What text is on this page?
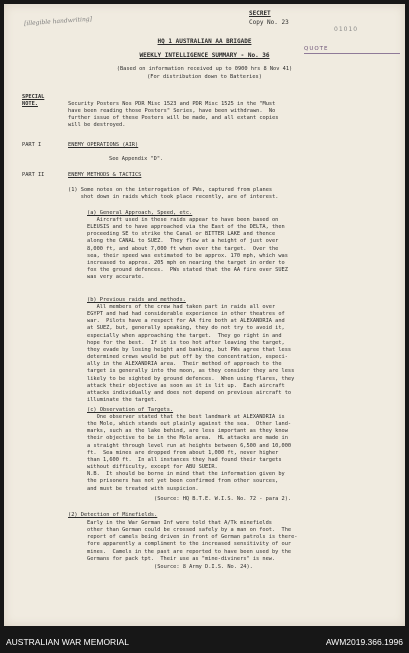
[illegible handwriting]
SECRET
Copy No. 23
01010
QUOTE
HQ 1 AUSTRALIAN AA BRIGADE
WEEKLY INTELLIGENCE SUMMARY - No. 36
(Based on information received up to 0900 hrs 8 Nov 41)
(For distribution down to Batteries)
SPECIAL
NOTE.	Security Posters Nos PDR Misc 1523 and PDR Misc 1525 in the "Must

have been reading those Posters" Series, have been withdrawn.  No

further issue of these Posters will be made, and all extant copies

will be destroyed.

PART I	ENEMY OPERATIONS (AIR)
See Appendix "D".
PART II	ENEMY METHODS & TACTICS

(1) Some notes on the interrogation of PWs, captured from planes

shot down in raids which took place recently, are of interest.

(a) General Approach, Speed, etc.

Aircraft used in these raids appear to have been based on

ELEUSIS and to have approached via the East of the DELTA, then

proceeding SE to strike the Canal or BITTER LAKE and thence

along the CANAL to SUEZ.  They flew at a height of just over

8,000 ft, and about 7,000 ft when over the target.  Over the

sea, their speed was estimated to be approx. 170 mph, which was

increased to approx. 205 mph on nearing the target in order to

fox the ground defences.  PWs stated that the AA fire over SUEZ

was very accurate.

(b) Previous raids and methods.

All members of the crew had taken part in raids all over

EGYPT and had had considerable experience in other theatres of

war.  Pilots have a respect for AA fire both at ALEXANDRIA and

at SUEZ, but, generally speaking, they do not try to avoid it,

especially when approaching the target.  They go right in and

hope for the best.  If it is too hot after leaving the target,

they evade by losing height and banking, but PWs agree that less

determined crews would be put off by the concentration, especi-

ally in the ALEXANDRIA area.  Their method of approach to the

target is generally into the moon, as they consider they are less

likely to be sighted by ground defences.  When using flares, they

attack their objective as soon as it is lit up.  Each aircraft

attacks individually and does not depend on previous aircraft to

illuminate the target.

(c) Observation of Targets.

One observer stated that the best landmark at ALEXANDRIA is

the Mole, which stands out plainly against the sea.  Other land-

marks, such as the lake behind, are less important as they know

their objective to be in the Mole area.  HL attacks are made in

a straight through level run at heights between 6,500 and 10,000

ft.  Sea mines are dropped from about 1,000 ft, never higher

than 1,600 ft.  In all instances they had found their targets

without difficulty, except for ABU SUEIR.

N.B.  It should be borne in mind that the information given by

the prisoners has not yet been confirmed from other sources,

and must be treated with suspicion.

(Source: HQ B.T.E. W.I.S. No. 72 - para 2).
(2) Detection of Minefields.

Early in the War German Inf were told that A/Tk minefields

other than German could be crossed safely by a man on foot.  The

report of camels being driven in front of German patrols is there-

fore apparently a compliment to the increased sensitivity of our

mines.  Camels in the past are reported to have been used by the

Germans for pack tpt.  Their use as "mine-diviners" is new.

(Source: 8 Army D.I.S. No. 24).
AUSTRALIAN WAR MEMORIAL	AWM2019.366.1996
